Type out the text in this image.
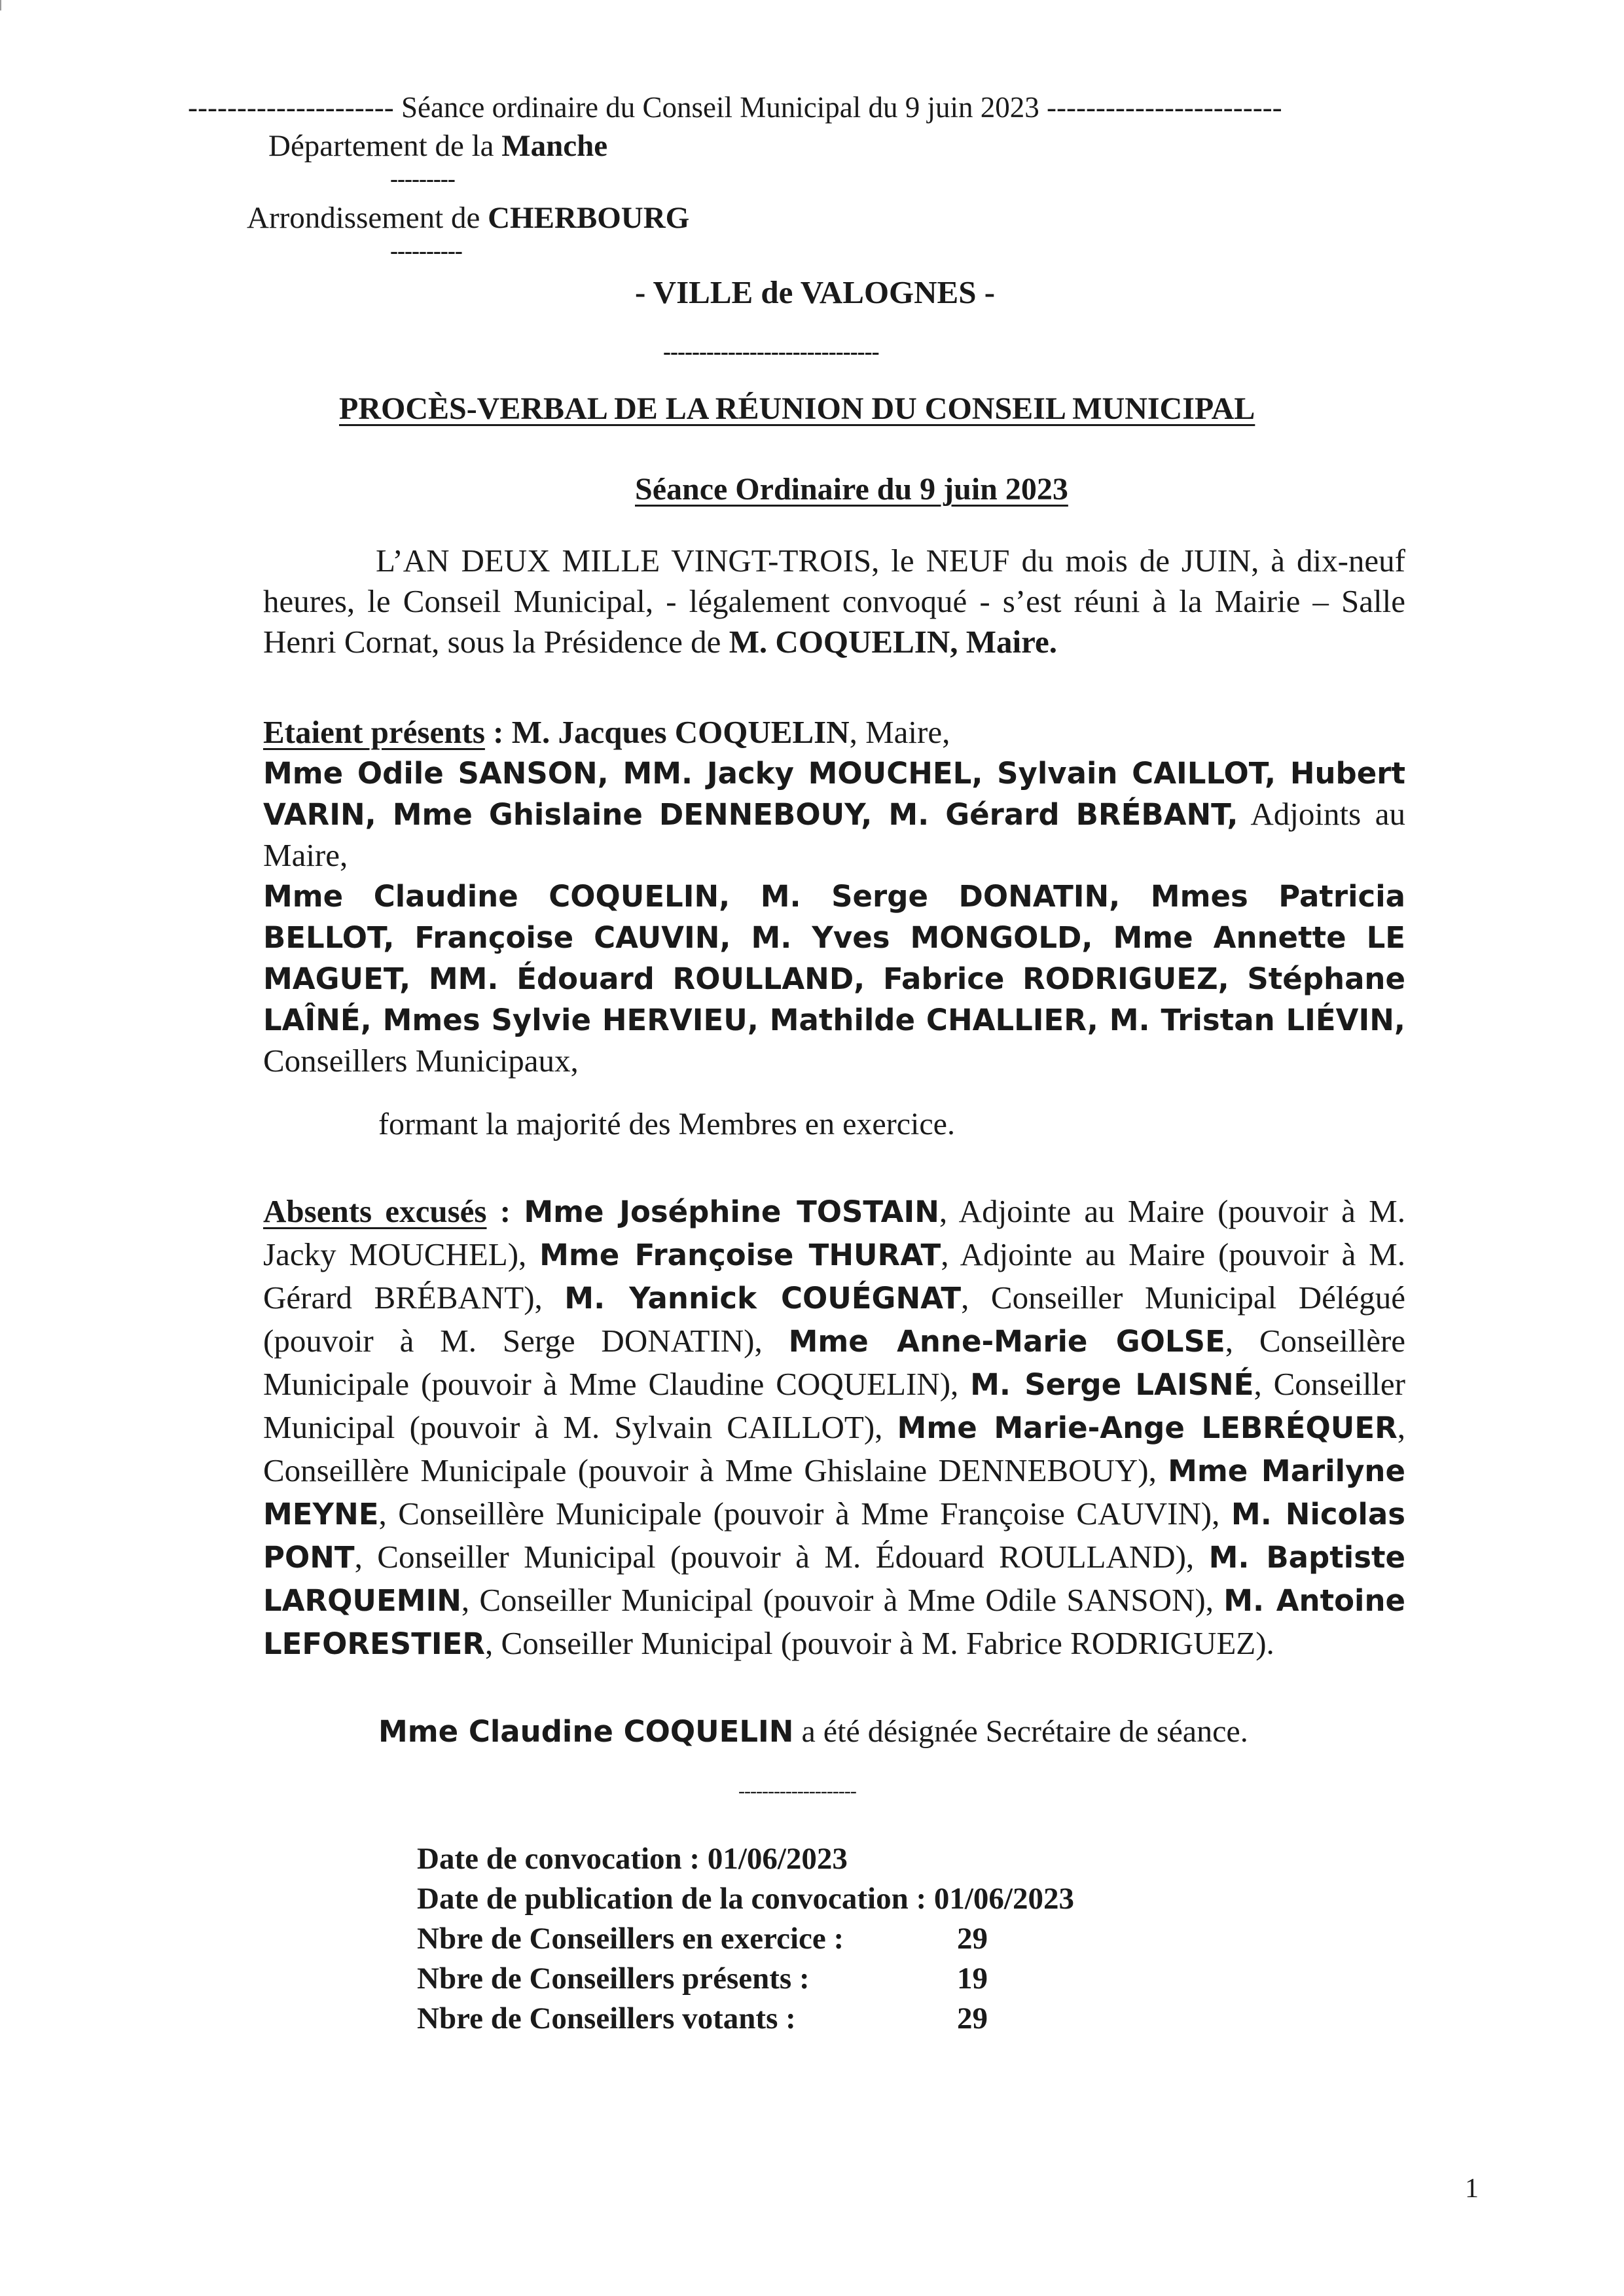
--------------------- Séance ordinaire du Conseil Municipal du 9 juin 2023 ------------------------
Département de la Manche
---------
Arrondissement de CHERBOURG
----------
- VILLE de VALOGNES -
------------------------------
PROCÈS-VERBAL DE LA RÉUNION DU CONSEIL MUNICIPAL
Séance Ordinaire du 9 juin 2023
L’AN DEUX MILLE VINGT-TROIS, le NEUF du mois de JUIN, à dix-neuf heures, le Conseil Municipal, - légalement convoqué - s’est réuni à la Mairie – Salle Henri Cornat, sous la Présidence de M. COQUELIN, Maire.
Etaient présents : M. Jacques COQUELIN, Maire,
Mme Odile SANSON, MM. Jacky MOUCHEL, Sylvain CAILLOT, Hubert VARIN, Mme Ghislaine DENNEBOUY, M. Gérard BRÉBANT, Adjoints au Maire,
Mme Claudine COQUELIN, M. Serge DONATIN, Mmes Patricia BELLOT, Françoise CAUVIN, M. Yves MONGOLD, Mme Annette LE MAGUET, MM. Édouard ROULLAND, Fabrice RODRIGUEZ, Stéphane LAÎNÉ, Mmes Sylvie HERVIEU, Mathilde CHALLIER, M. Tristan LIÉVIN, Conseillers Municipaux,
formant la majorité des Membres en exercice.
Absents excusés : Mme Joséphine TOSTAIN, Adjointe au Maire (pouvoir à M. Jacky MOUCHEL), Mme Françoise THURAT, Adjointe au Maire (pouvoir à M. Gérard BRÉBANT), M. Yannick COUÉGNAT, Conseiller Municipal Délégué (pouvoir à M. Serge DONATIN), Mme Anne-Marie GOLSE, Conseillère Municipale (pouvoir à Mme Claudine COQUELIN), M. Serge LAISNÉ, Conseiller Municipal (pouvoir à M. Sylvain CAILLOT), Mme Marie-Ange LEBRÉQUER, Conseillère Municipale (pouvoir à Mme Ghislaine DENNEBOUY), Mme Marilyne MEYNE, Conseillère Municipale (pouvoir à Mme Françoise CAUVIN), M. Nicolas PONT, Conseiller Municipal (pouvoir à M. Édouard ROULLAND), M. Baptiste LARQUEMIN, Conseiller Municipal (pouvoir à Mme Odile SANSON), M. Antoine LEFORESTIER, Conseiller Municipal (pouvoir à M. Fabrice RODRIGUEZ).
Mme Claudine COQUELIN a été désignée Secrétaire de séance.
--------------------
Date de convocation : 01/06/2023
Date de publication de la convocation : 01/06/2023
Nbre de Conseillers en exercice :	29
Nbre de Conseillers présents :	19
Nbre de Conseillers votants :	29
1
